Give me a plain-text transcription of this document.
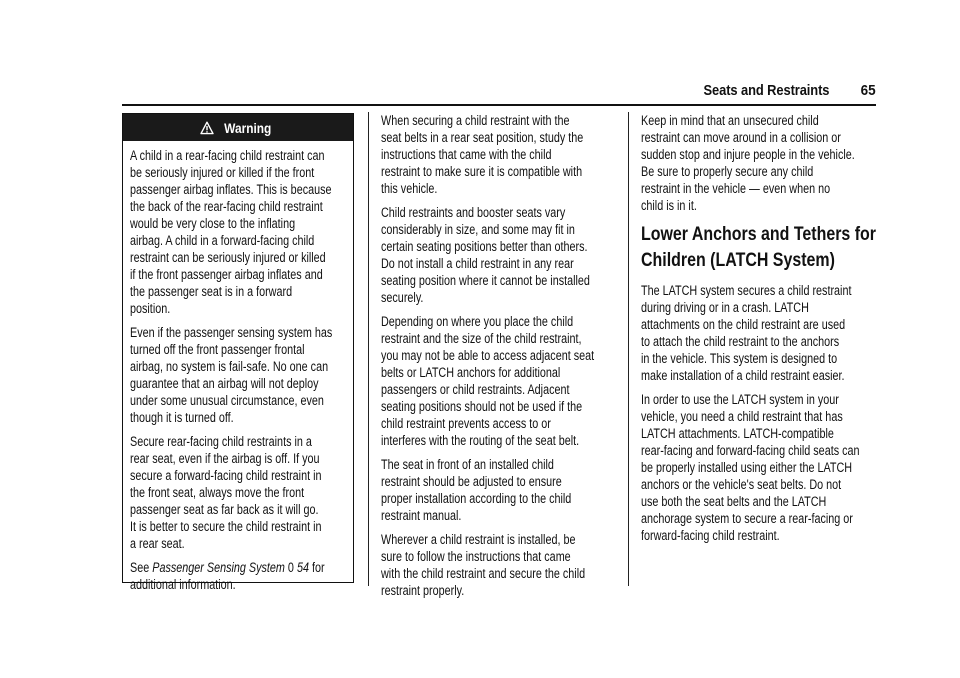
Seats and Restraints 65
Warning

A child in a rear-facing child restraint can
be seriously injured or killed if the front
passenger airbag inflates. This is because
the back of the rear-facing child restraint
would be very close to the inflating
airbag. A child in a forward-facing child
restraint can be seriously injured or killed
if the front passenger airbag inflates and
the passenger seat is in a forward
position.

Even if the passenger sensing system has
turned off the front passenger frontal
airbag, no system is fail-safe. No one can
guarantee that an airbag will not deploy
under some unusual circumstance, even
though it is turned off.

Secure rear-facing child restraints in a
rear seat, even if the airbag is off. If you
secure a forward-facing child restraint in
the front seat, always move the front
passenger seat as far back as it will go.
It is better to secure the child restraint in
a rear seat.

See Passenger Sensing System 0 54 for
additional information.

When securing a child restraint with the
seat belts in a rear seat position, study the
instructions that came with the child
restraint to make sure it is compatible with
this vehicle.

Child restraints and booster seats vary
considerably in size, and some may fit in
certain seating positions better than others.
Do not install a child restraint in any rear
seating position where it cannot be installed
securely.

Depending on where you place the child
restraint and the size of the child restraint,
you may not be able to access adjacent seat
belts or LATCH anchors for additional
passengers or child restraints. Adjacent
seating positions should not be used if the
child restraint prevents access to or
interferes with the routing of the seat belt.

The seat in front of an installed child
restraint should be adjusted to ensure
proper installation according to the child
restraint manual.

Wherever a child restraint is installed, be
sure to follow the instructions that came
with the child restraint and secure the child
restraint properly.

Keep in mind that an unsecured child
restraint can move around in a collision or
sudden stop and injure people in the vehicle.
Be sure to properly secure any child
restraint in the vehicle — even when no
child is in it.

Lower Anchors and Tethers for
Children (LATCH System)

The LATCH system secures a child restraint
during driving or in a crash. LATCH
attachments on the child restraint are used
to attach the child restraint to the anchors
in the vehicle. This system is designed to
make installation of a child restraint easier.

In order to use the LATCH system in your
vehicle, you need a child restraint that has
LATCH attachments. LATCH-compatible
rear-facing and forward-facing child seats can
be properly installed using either the LATCH
anchors or the vehicle's seat belts. Do not
use both the seat belts and the LATCH
anchorage system to secure a rear-facing or
forward-facing child restraint.
